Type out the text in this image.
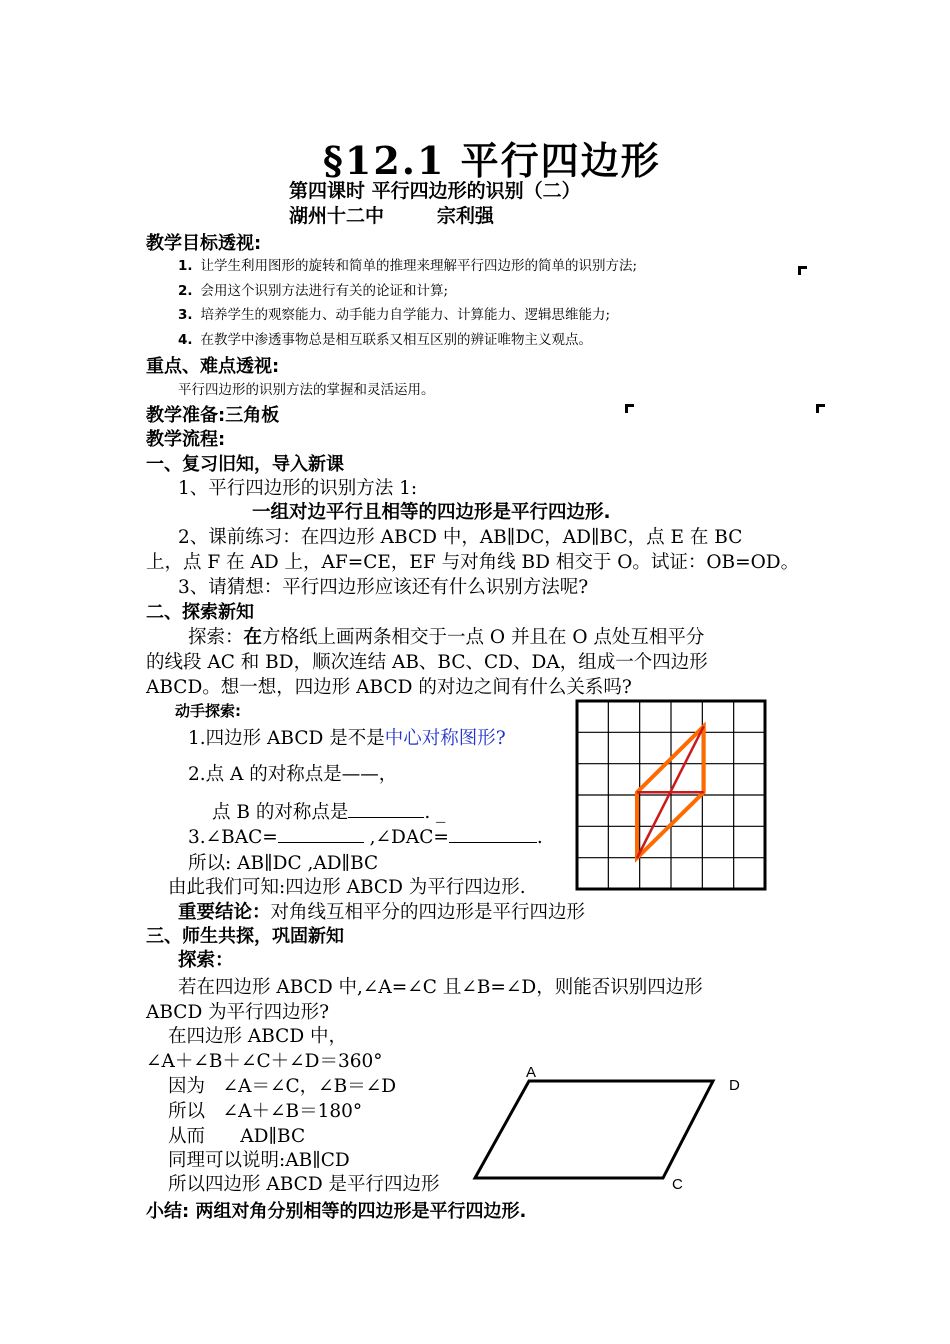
§12.1 平行四边形
第四课时 平行四边形的识别（二）
湖州十二中        宗利强
教学目标透视:
1. 让学生利用图形的旋转和简单的推理来理解平行四边形的简单的识别方法;
2. 会用这个识别方法进行有关的论证和计算;
3. 培养学生的观察能力、动手能力自学能力、计算能力、逻辑思维能力;
4. 在教学中渗透事物总是相互联系又相互区别的辨证唯物主义观点。
重点、难点透视:
平行四边形的识别方法的掌握和灵活运用。
教学准备:三角板
教学流程:
一、复习旧知，导入新课
1、平行四边形的识别方法 1:
一组对边平行且相等的四边形是平行四边形.
2、课前练习：在四边形 ABCD 中，AB∥DC，AD∥BC，点 E 在 BC
上，点 F 在 AD 上，AF=CE，EF 与对角线 BD 相交于 O。试证：OB=OD。
3、请猜想：平行四边形应该还有什么识别方法呢?
二、探索新知
探索：在方格纸上画两条相交于一点 O 并且在 O 点处互相平分
的线段 AC 和 BD，顺次连结 AB、BC、CD、DA，组成一个四边形
ABCD。想一想，四边形 ABCD 的对边之间有什么关系吗?
动手探索:
1.四边形 ABCD 是不是中心对称图形?
2.点 A 的对称点是——，
点 B 的对称点是	. _
3.∠BAC=	,∠DAC=	.
所以: AB∥DC ,AD∥BC
由此我们可知:四边形 ABCD 为平行四边形.
重要结论：对角线互相平分的四边形是平行四边形
三、师生共探，巩固新知
探索：
若在四边形 ABCD 中,∠A=∠C 且∠B=∠D，则能否识别四边形
ABCD 为平行四边形?
在四边形 ABCD 中，
∠A＋∠B＋∠C＋∠D＝360°
因为   ∠A＝∠C，∠B＝∠D
所以   ∠A＋∠B＝180°
从而      AD∥BC
同理可以说明:AB∥CD
所以四边形 ABCD 是平行四边形
小结: 两组对角分别相等的四边形是平行四边形.
A
D
C
